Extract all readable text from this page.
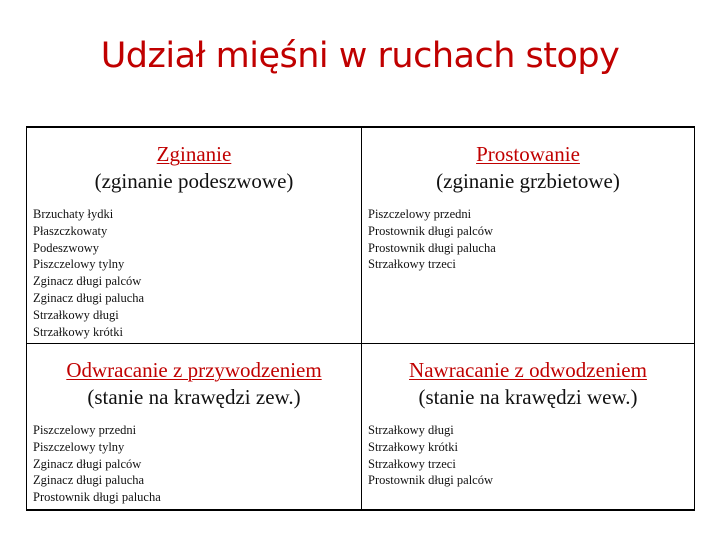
Udział mięśni w ruchach stopy
Zginanie
(zginanie podeszwowe)
Brzuchaty łydki
Płaszczkowaty
Podeszwowy
Piszczelowy tylny
Zginacz długi palców
Zginacz długi palucha
Strzałkowy długi
Strzałkowy krótki
Prostowanie
(zginanie grzbietowe)
Piszczelowy przedni
Prostownik długi palców
Prostownik długi palucha
Strzałkowy trzeci
Odwracanie z przywodzeniem
(stanie na krawędzi zew.)
Piszczelowy przedni
Piszczelowy tylny
Zginacz długi palców
Zginacz długi palucha
Prostownik długi palucha
Nawracanie z odwodzeniem
(stanie na krawędzi wew.)
Strzałkowy długi
Strzałkowy krótki
Strzałkowy trzeci
Prostownik długi palców
